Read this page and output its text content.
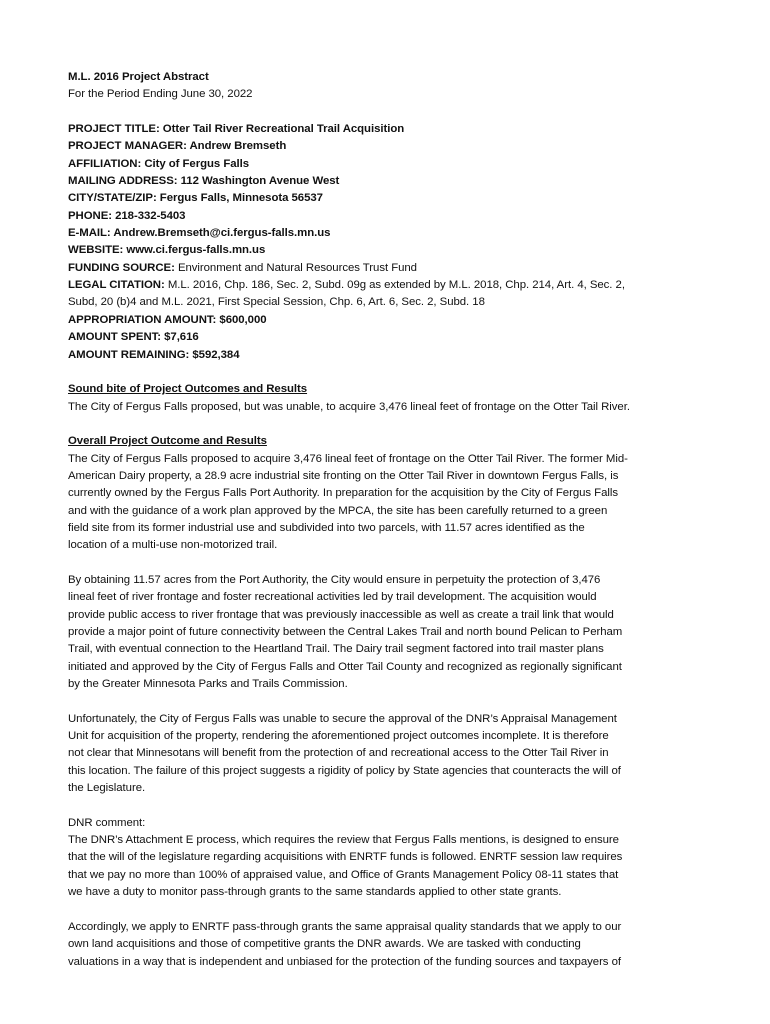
M.L. 2016 Project Abstract
For the Period Ending June 30, 2022
PROJECT TITLE: Otter Tail River Recreational Trail Acquisition
PROJECT MANAGER: Andrew Bremseth
AFFILIATION: City of Fergus Falls
MAILING ADDRESS: 112 Washington Avenue West
CITY/STATE/ZIP: Fergus Falls, Minnesota 56537
PHONE: 218-332-5403
E-MAIL: Andrew.Bremseth@ci.fergus-falls.mn.us
WEBSITE: www.ci.fergus-falls.mn.us
FUNDING SOURCE: Environment and Natural Resources Trust Fund
LEGAL CITATION: M.L. 2016, Chp. 186, Sec. 2, Subd. 09g as extended by M.L. 2018, Chp. 214, Art. 4, Sec. 2,
Subd, 20 (b)4 and M.L. 2021, First Special Session, Chp. 6, Art. 6, Sec. 2, Subd. 18
APPROPRIATION AMOUNT: $600,000
AMOUNT SPENT: $7,616
AMOUNT REMAINING: $592,384
Sound bite of Project Outcomes and Results
The City of Fergus Falls proposed, but was unable, to acquire 3,476 lineal feet of frontage on the Otter Tail River.
Overall Project Outcome and Results
The City of Fergus Falls proposed to acquire 3,476 lineal feet of frontage on the Otter Tail River. The former Mid-
American Dairy property, a 28.9 acre industrial site fronting on the Otter Tail River in downtown Fergus Falls, is
currently owned by the Fergus Falls Port Authority. In preparation for the acquisition by the City of Fergus Falls
and with the guidance of a work plan approved by the MPCA, the site has been carefully returned to a green
field site from its former industrial use and subdivided into two parcels, with 11.57 acres identified as the
location of a multi-use non-motorized trail.
By obtaining 11.57 acres from the Port Authority, the City would ensure in perpetuity the protection of 3,476
lineal feet of river frontage and foster recreational activities led by trail development. The acquisition would
provide public access to river frontage that was previously inaccessible as well as create a trail link that would
provide a major point of future connectivity between the Central Lakes Trail and north bound Pelican to Perham
Trail, with eventual connection to the Heartland Trail. The Dairy trail segment factored into trail master plans
initiated and approved by the City of Fergus Falls and Otter Tail County and recognized as regionally significant
by the Greater Minnesota Parks and Trails Commission.
Unfortunately, the City of Fergus Falls was unable to secure the approval of the DNR’s Appraisal Management
Unit for acquisition of the property, rendering the aforementioned project outcomes incomplete. It is therefore
not clear that Minnesotans will benefit from the protection of and recreational access to the Otter Tail River in
this location. The failure of this project suggests a rigidity of policy by State agencies that counteracts the will of
the Legislature.
DNR comment:
The DNR’s Attachment E process, which requires the review that Fergus Falls mentions, is designed to ensure
that the will of the legislature regarding acquisitions with ENRTF funds is followed. ENRTF session law requires
that we pay no more than 100% of appraised value, and Office of Grants Management Policy 08-11 states that
we have a duty to monitor pass-through grants to the same standards applied to other state grants.
Accordingly, we apply to ENRTF pass-through grants the same appraisal quality standards that we apply to our
own land acquisitions and those of competitive grants the DNR awards. We are tasked with conducting
valuations in a way that is independent and unbiased for the protection of the funding sources and taxpayers of
